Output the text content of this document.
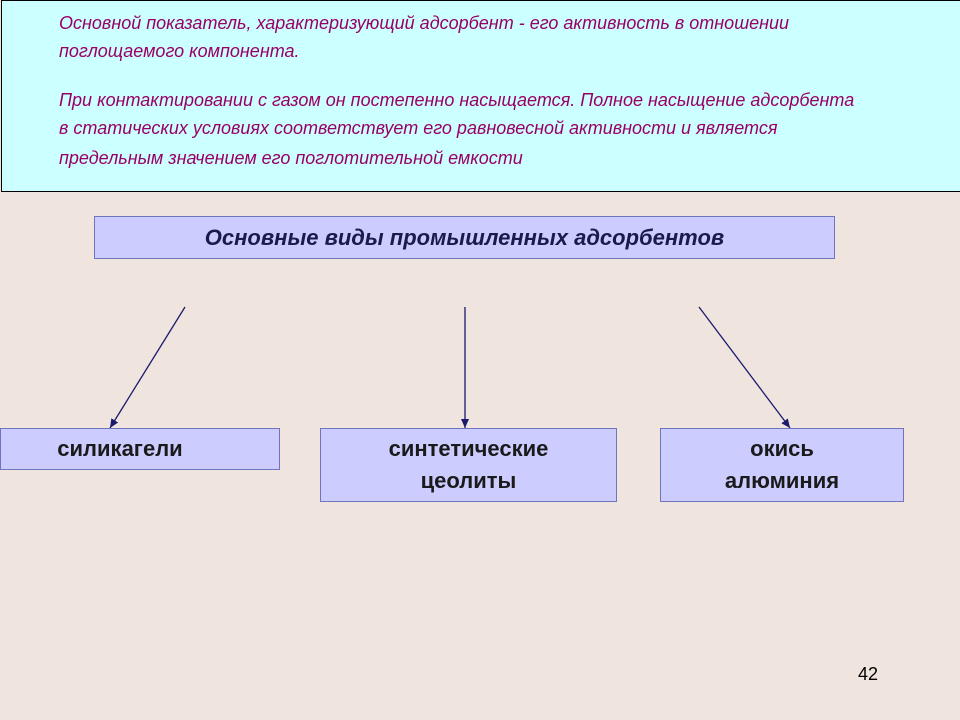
Основной показатель, характеризующий адсорбент - его активность в отношении
поглощаемого компонента.
При контактировании с газом он постепенно насыщается. Полное насыщение адсорбента
в статических условиях соответствует его равновесной активности и является
предельным значением его поглотительной емкости
Основные виды промышленных адсорбентов
силикагели	синтетические
цеолиты
окись
алюминия
42
